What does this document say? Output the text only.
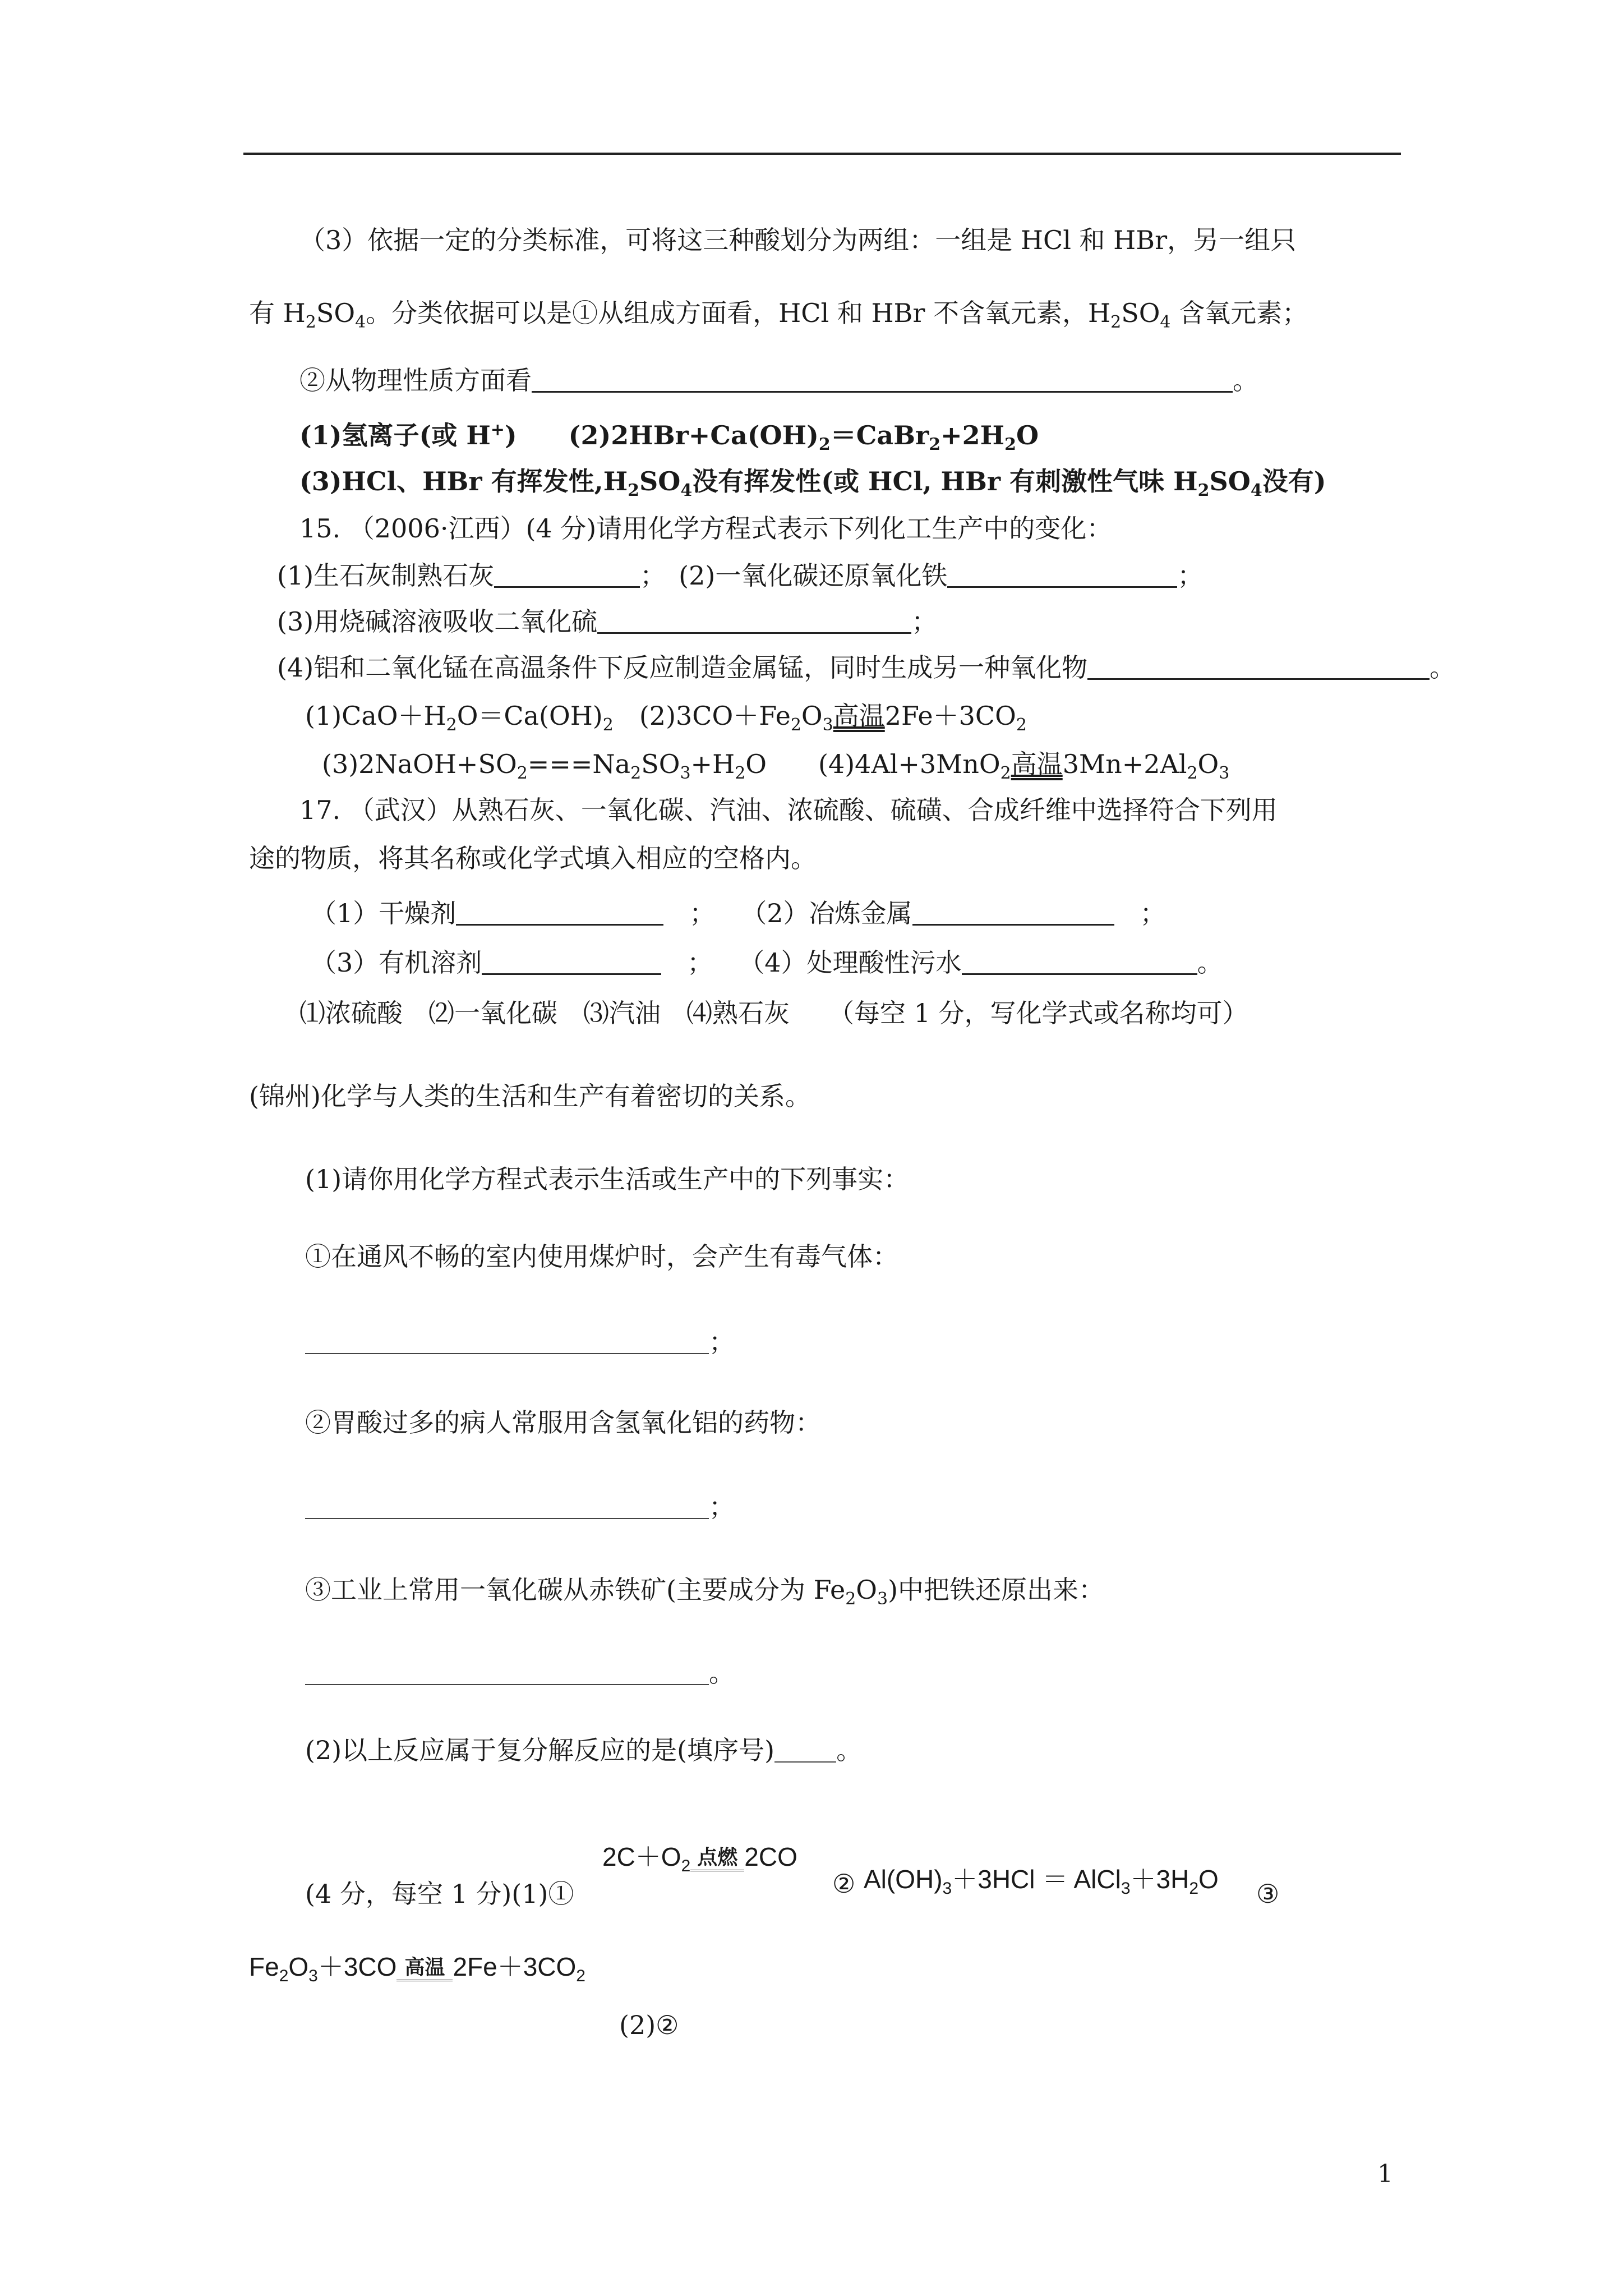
（3）依据一定的分类标准，可将这三种酸划分为两组：一组是 HCl 和 HBr，另一组只
有 $H_2SO_4$。分类依据可以是①从组成方面看，HCl 和 HBr 不含氧元素，$H_2SO_4$ 含氧元素；
②从物理性质方面看	。
(1)氢离子(或 H+)　　$(2)2HBr+Ca(OH)_2=CaBr_2+2H_2O$
(3)HCl、HBr 有挥发性$,H_2SO_4$没有挥发性(或 HCl, HBr 有刺激性气味 $H_2SO_4$没有)
15. （2006·江西）(4 分)请用化学方程式表示下列化工生产中的变化：
(1)生石灰制熟石灰	；　 (2)一氧化碳还原氧化铁	；
(3)用烧碱溶液吸收二氧化硫	；
(4)铝和二氧化锰在高温条件下反应制造金属锰，同时生成另一种氧化物	。
$(1)CaO+H_2O=Ca(OH)_2$　$(2)3CO+Fe_2O_3$高温$2Fe+3CO_2$
$(3)2NaOH+SO_2===Na_2SO_3+H_2O$　　 (4)4Al+3MnO$_2$高温$3Mn+2Al_2O_3$
17. （武汉）从熟石灰、一氧化碳、汽油、浓硫酸、硫磺、合成纤维中选择符合下列用
途的物质，将其名称或化学式填入相应的空格内。
（1）干燥剂　	；　　 （2）冶炼金属　	；
（3）有机溶剂　	；　　 （4）处理酸性污水	。
⑴浓硫酸　⑵一氧化碳　⑶汽油　⑷熟石灰　　（每空 1 分，写化学式或名称均可）
(锦州)化学与人类的生活和生产有着密切的关系。
(1)请你用化学方程式表示生活或生产中的下列事实：
①在通风不畅的室内使用煤炉时，会产生有毒气体：
；
②胃酸过多的病人常服用含氢氧化铝的药物：
；
③工业上常用一氧化碳从赤铁矿(主要成分为 $Fe_2O_3$)中把铁还原出来：
。
(2)以上反应属于复分解反应的是(填序号) 。
(4 分，每空 1 分)(1)①
$2C+O_2$ 点燃 2CO
② $Al(OH)_3+3HCl$ ＝ $AlCl_3+3H_2O$ ③
$Fe_2O_3+3CO$ 高温 $2Fe+3CO_2$
(2)②
1
